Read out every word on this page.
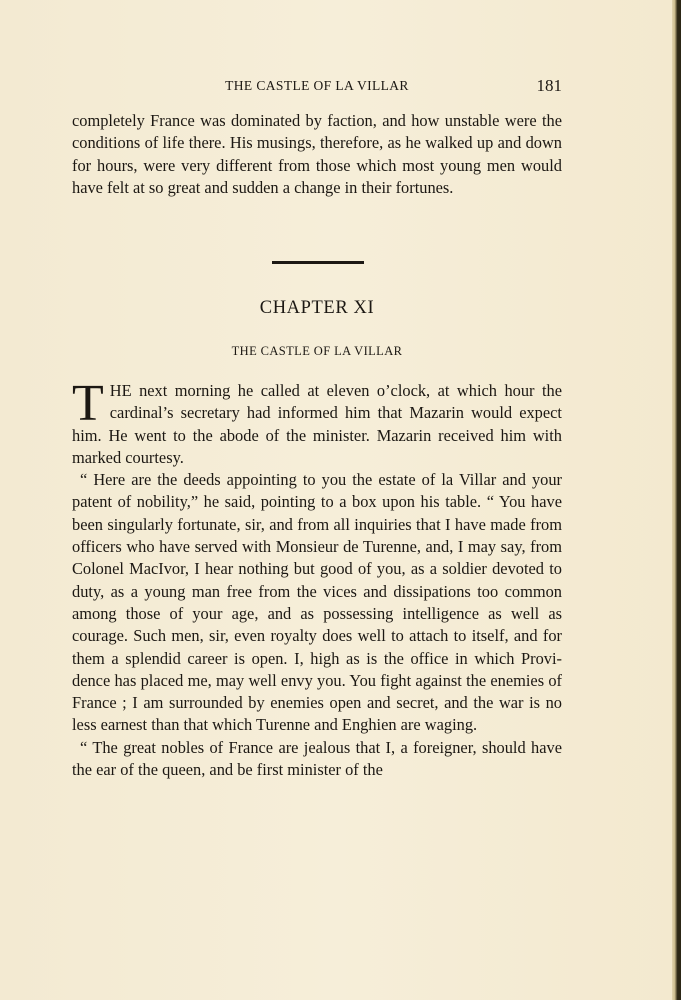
THE CASTLE OF LA VILLAR	181

completely France was dominated by faction, and how unstable were the conditions of life there. His musings, therefore, as he walked up and down for hours, were very different from those which most young men would have felt at so great and sudden a change in their fortunes.

CHAPTER XI
THE CASTLE OF LA VILLAR

THE next morning he called at eleven o’clock, at which hour the cardinal’s secretary had informed him that Mazarin would expect him. He went to the abode of the minister. Mazarin received him with marked courtesy.

“ Here are the deeds appointing to you the estate of la Villar and your patent of nobility,” he said, pointing to a box upon his table. “ You have been singularly fortunate, sir, and from all inquiries that I have made from officers who have served with Monsieur de Turenne, and, I may say, from Colonel MacIvor, I hear nothing but good of you, as a soldier devoted to duty, as a young man free from the vices and dissipations too common among those of your age, and as possessing intelligence as well as courage. Such men, sir, even royalty does well to attach to itself, and for them a splendid career is open. I, high as is the office in which Provi-dence has placed me, may well envy you. You fight against the enemies of France ; I am surrounded by enemies open and secret, and the war is no less earnest than that which Turenne and Enghien are waging.

“ The great nobles of France are jealous that I, a foreigner, should have the ear of the queen, and be first minister of the
